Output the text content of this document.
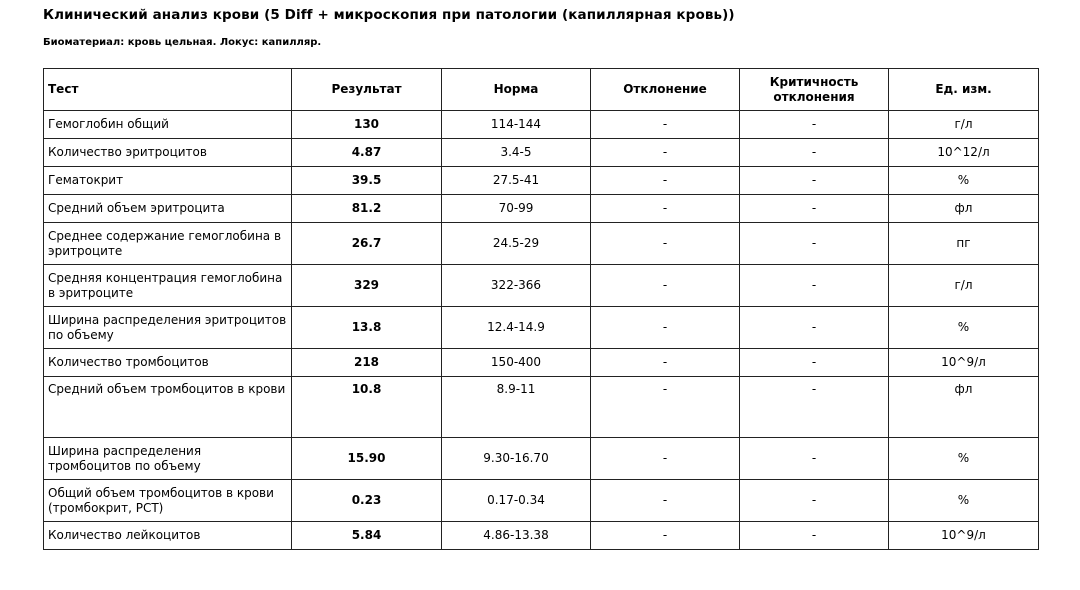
Клинический анализ крови (5 Diff + микроскопия при патологии (капиллярная кровь))
Биоматериал: кровь цельная. Локус: капилляр.
Тест	Результат	Норма	Отклонение	Критичность отклонения	Ед. изм.
Гемоглобин общий	130	114-144	-	-	г/л
Количество эритроцитов	4.87	3.4-5	-	-	10^12/л
Гематокрит	39.5	27.5-41	-	-	%
Средний объем эритроцита	81.2	70-99	-	-	фл
Среднее содержание гемоглобина в эритроците	26.7	24.5-29	-	-	пг
Средняя концентрация гемоглобина в эритроците	329	322-366	-	-	г/л
Ширина распределения эритроцитов по объему	13.8	12.4-14.9	-	-	%
Количество тромбоцитов	218	150-400	-	-	10^9/л
Средний объем тромбоцитов в крови	10.8	8.9-11	-	-	фл
Ширина распределения тромбоцитов по объему	15.90	9.30-16.70	-	-	%
Общий объем тромбоцитов в крови (тромбокрит, PCT)	0.23	0.17-0.34	-	-	%
Количество лейкоцитов	5.84	4.86-13.38	-	-	10^9/л
